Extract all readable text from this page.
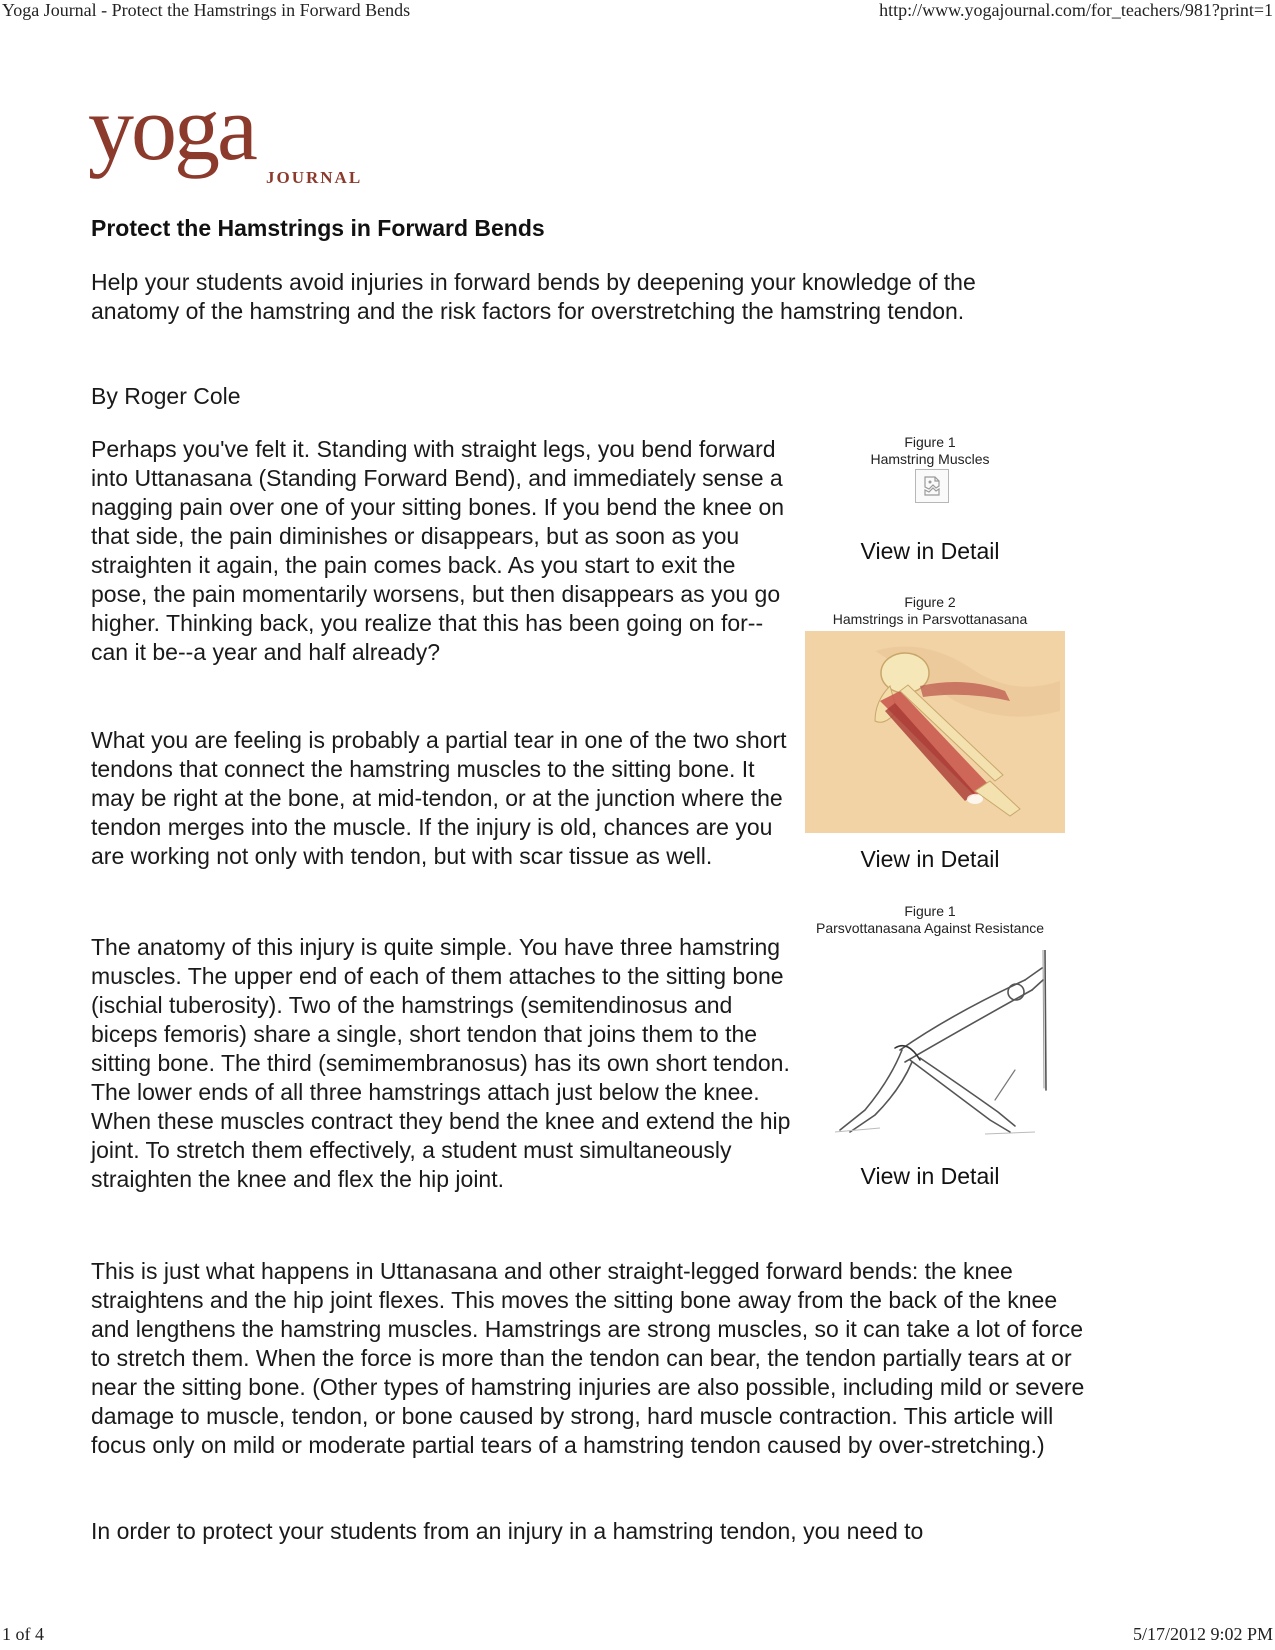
Yoga Journal - Protect the Hamstrings in Forward Bends	http://www.yogajournal.com/for_teachers/981?print=1
yoga JOURNAL
Protect the Hamstrings in Forward Bends

Help your students avoid injuries in forward bends by deepening your knowledge of the anatomy of the hamstring and the risk factors for overstretching the hamstring tendon.

By Roger Cole

Perhaps you've felt it. Standing with straight legs, you bend forward into Uttanasana (Standing Forward Bend), and immediately sense a nagging pain over one of your sitting bones. If you bend the knee on that side, the pain diminishes or disappears, but as soon as you straighten it again, the pain comes back. As you start to exit the pose, the pain momentarily worsens, but then disappears as you go higher. Thinking back, you realize that this has been going on for--can it be--a year and half already?

What you are feeling is probably a partial tear in one of the two short tendons that connect the hamstring muscles to the sitting bone. It may be right at the bone, at mid-tendon, or at the junction where the tendon merges into the muscle. If the injury is old, chances are you are working not only with tendon, but with scar tissue as well.

The anatomy of this injury is quite simple. You have three hamstring muscles. The upper end of each of them attaches to the sitting bone (ischial tuberosity). Two of the hamstrings (semitendinosus and biceps femoris) share a single, short tendon that joins them to the sitting bone. The third (semimembranosus) has its own short tendon. The lower ends of all three hamstrings attach just below the knee. When these muscles contract they bend the knee and extend the hip joint. To stretch them effectively, a student must simultaneously straighten the knee and flex the hip joint.

This is just what happens in Uttanasana and other straight-legged forward bends: the knee straightens and the hip joint flexes. This moves the sitting bone away from the back of the knee and lengthens the hamstring muscles. Hamstrings are strong muscles, so it can take a lot of force to stretch them. When the force is more than the tendon can bear, the tendon partially tears at or near the sitting bone. (Other types of hamstring injuries are also possible, including mild or severe damage to muscle, tendon, or bone caused by strong, hard muscle contraction. This article will focus only on mild or moderate partial tears of a hamstring tendon caused by over-stretching.)

In order to protect your students from an injury in a hamstring tendon, you need to

Figure 1
Hamstring Muscles
View in Detail
Figure 2
Hamstrings in Parsvottanasana
View in Detail
Figure 1
Parsvottanasana Against Resistance
View in Detail
1 of 4	5/17/2012 9:02 PM
